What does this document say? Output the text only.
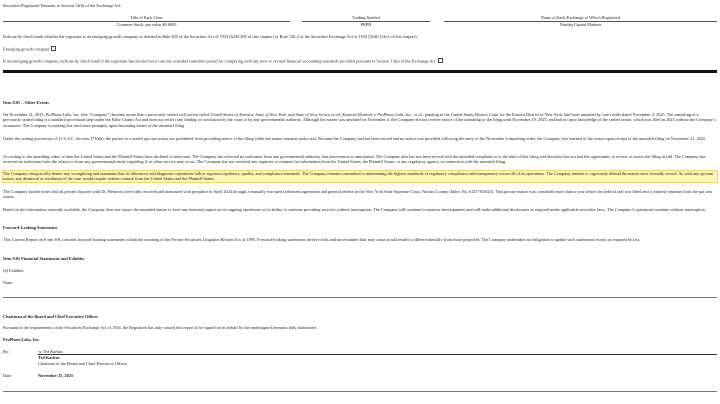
Securities Registered Pursuant to Section 12(b) of the Exchange Act:
Title of Each Class
Common Stock, par value $0.0005
Trading Symbol
PRPH
Name of Each Exchange of Which Registered
Nasdaq Capital Markets
Indicate by check mark whether the registrant is an emerging growth company as defined in Rule 405 of the Securities Act of 1933 (§230.405 of this chapter) or Rule 12b-2 of the Securities Exchange Act of 1934 (§240.12b-2 of this chapter).
Emerging growth company
If an emerging growth company, indicate by check mark if the registrant has elected not to use the extended transition period for complying with any new or revised financial accounting standards provided pursuant to Section 13(a) of the Exchange Act.
Item 8.01 – Other Events
On November 21, 2025, ProPhase Labs, Inc. (the “Company”) became aware that a previously sealed civil action styled United States of America, State of New York, and State of New Jersey ex rel. Kenneth Hemrick v. ProPhase Labs, Inc., et al., pending in the United States District Court for the Eastern District of New York, had been unsealed by court order dated November 4, 2025. The unsealing of a previously sealed filing is a standard procedural step under the False Claims Act and does not reflect any finding or conclusion by the court or by any governmental authority. Although the matter was unsealed on November 4, the Company did not receive notice of the unsealing or the filing until November 19, 2025, and had no prior knowledge of the sealed action, which was filed in 2023 without the Company’s awareness. The Company is making this disclosure promptly upon becoming aware of the unsealed filing.
Under the sealing provisions of 31 U.S.C. Section 3730(b), the parties to a sealed qui tam action are prohibited from providing notice of the filing while the matter remains under seal. Because the Company had not been served and no notice was provided following the entry of the November 4 unsealing order, the Company first learned of the action upon receipt of the unsealed filing on November 21, 2025.
According to the unsealing order, to date the United States and the Plaintiff States have declined to intervene. The Company has received no indication from any governmental authority that intervention is anticipated. The Company also has not been served with the unsealed complaint as of the date of this filing and therefore has not had the opportunity to review or assess the filing in full. The Company has received no indication from the relator or from any governmental entity regarding if or when service may occur. The Company has not received any inquiries or requests for information from the United States, the Plaintiff States, or any regulatory agency in connection with the unsealed filing.
The Company categorically denies any wrongdoing and maintains that its laboratory and diagnostic operations follow rigorous regulatory, quality, and compliance standards. The Company remains committed to maintaining the highest standards of regulatory compliance and transparency across all of its operations. The Company intends to vigorously defend the matter once formally served. As with any qui tam action, any dismissal or resolution of the case would require written consent from the United States and the Plaintiff States.
The Company further notes that all private disputes with Dr. Hemrick were fully resolved and dismissed with prejudice in April 2024 through a mutually executed settlement agreement and general release in the New York State Supreme Court, Nassau County (Index No. 612578/2023). That private matter was concluded more than a year before the federal seal was lifted and is entirely separate from the qui tam action.
Based on the information currently available, the Company does not expect the unsealed matter to have any material impact on its ongoing operations or its ability to continue providing services without interruption. The Company will continue to monitor developments and will make additional disclosures as required under applicable securities laws. The Company’s operations continue without interruption.
Forward-Looking Statements
This Current Report on Form 8-K contains forward-looking statements within the meaning of the Private Securities Litigation Reform Act of 1995. Forward-looking statements involve risks and uncertainties that may cause actual results to differ materially from those projected. The Company undertakes no obligation to update such statements except as required by law.
Item 9.01 Financial Statements and Exhibits
(d) Exhibits
None.
Chairman of the Board and Chief Executive Officer
Pursuant to the requirements of the Securities Exchange Act of 1934, the Registrant has duly caused this report to be signed on its behalf by the undersigned hereunto duly authorized.
ProPhase Labs, Inc.
By:	/s/ Ted Karkus
Ted Karkus
Chairman of the Board and Chief Executive Officer
Date:	November 25, 2025
